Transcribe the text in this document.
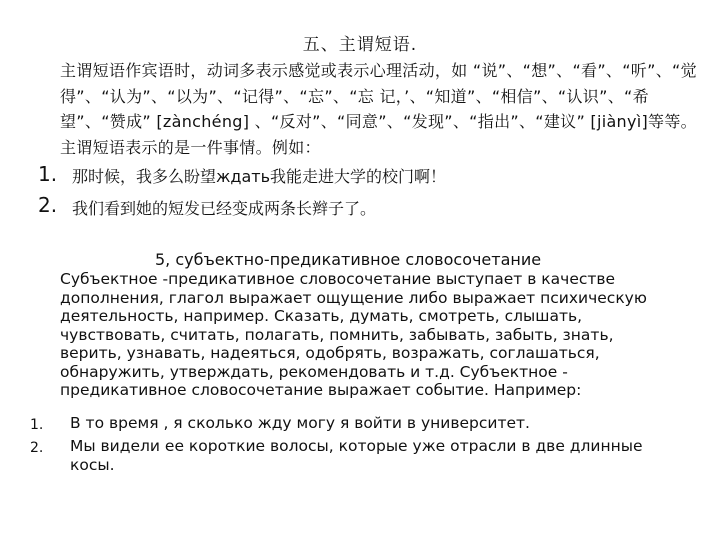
五、主谓短语.
主谓短语作宾语时，动词多表示感觉或表示心理活动，如 “说”、“想”、“看”、“听”、“觉得”、“认为”、“以为”、“记得”、“忘”、“忘 记，’、“知道”、“相信”、“认识”、“希望”、“赞成” [zànchéng] 、“反对”、“同意”、“发现”、“指出”、“建议” [jiànyì]等等。主谓短语表示的是一件事情。例如：
1. 那时候，我多么盼望ждать我能走进大学的校门啊！
2. 我们看到她的短发已经变成两条长辫子了。
5, субъектно-предикативное словосочетание
Субъектное -предикативное словосочетание выступает в качестве дополнения, глагол выражает ощущение либо выражает психическую деятельность, например. Сказать, думать, смотреть, слышать, чувствовать, считать, полагать, помнить, забывать, забыть, знать, верить, узнавать, надеяться, одобрять, возражать, соглашаться, обнаружить, утверждать, рекомендовать и т.д. Субъектное - предикативное словосочетание выражает событие. Например:
1. В то время , я сколько жду могу я войти в университет.
2. Мы видели ее короткие волосы, которые уже отрасли в две длинные косы.
